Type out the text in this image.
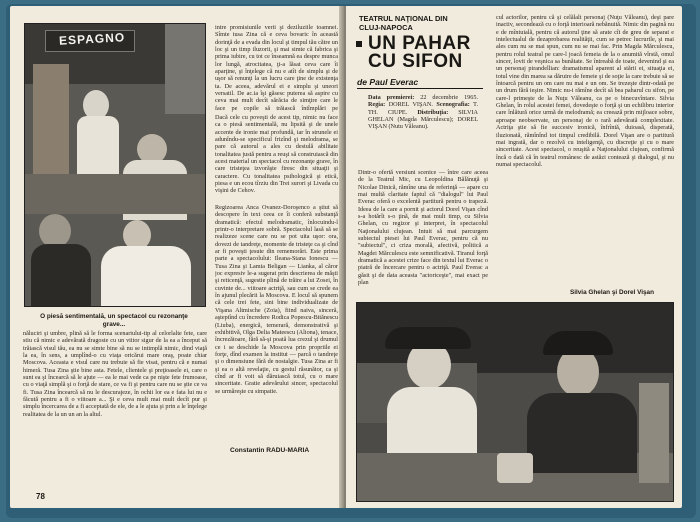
ESPAGNO
O piesă sentimentală, un spectacol cu rezonanţe grave...
intre promisiunile verii şi deziluziile toamnei. Sîmte tusa Zina că e ceva bovaric în această dorinţă de a evada din locul şi timpul tău către un loc şi un timp iluzorii, şi mai simte că fabrica şi prima iubire, cu tot ce înseamnă ea despre munca lor lungă, atrocitatea, ţi-a lăsat ceva care îi aparţine, şi înţelege că nu e atît de simplu şi de uşor să renunţi la un lucru care ţine de existenţa ta. De aceea, adevărul ei e simplu şi uneori versatil. De ac.ia îşi găsesc puterea să aspire cu ceva mai mult decît sărăcia de simţire care le face pe copile să trăiască întîmplări pe
Dacă cele cu poveşti de acest tip, nimic nu face ca o piesă sentimentală, nu lipsită şi de unele accente de ironie mai profundă, iar în strunele ei adunîndu-se specificul frizînd şi melodrama, se pare că autorul a ales cu destulă abilitate tonalitatea justă pentru a reuşi să construiască din acest material un spectacol cu rezonanţe grave, în care tristeţea izvorăşte firesc din situaţii şi caractere. Cu tonalitatea psihologică şi etică, piesa e un ecou tîrziu din Trei surori şi Livada cu vişini de Cehov.
Regizoarea Anca Ovanez-Doroşenco a ştiut să descopere în text ceea ce îi conferă substanţă dramatică: efectul melodramatic, înlocuindu-l printr-o interpretare sobră. Spectacolul lasă să se realizeze scene care nu se pot uita uşor: ora, dovezi de tandreţe, momente de tristeţe ca şi cînd ar fi poveşti ţesute din rememorări. Este prima parte a spectacolului: Ileana-Stana Ionescu — Tusa Zina şi Lamia Beligan — Lianka, al căror joc expresiv le-a sugerat prin descrierea de măşti şi reticenţă, sugestie plină de trăire a lui Zosei, în cuvinte de... viitoare actriţă, sau cum se crede ea în ajunul plecării la Moscova. E locul să spunem că cele trei fete, sint bine individualizate de Vişana Altmische (Zoia), fiind naiva, sinceră, aşteptînd cu încredere Rodica Popescu-Bitănescu (Liuba), energică, temerară, demonstrativă şi exhibitivă, Olga Delia Mateescu (Aliona), tenace, încrezătoare, fără să-şi poată lua crezul şi drumul ce i se deschide la Moscova prin propriile ei forţe, dînd examen la institut — parcă o tandreţe şi o dimensiune fără de nostalgie. Tusa Zina ar fi şi ea o altă revelaţie, cu gestul răsunător, ca şi cînd ar fi voit să dăruiască totul, cu o mare sinceritate. Gratie adevărului sincer, spectacolul se urmăreşte cu simpatie.
năluciri şi umbre, plină să le forma scenariului-tip al celorlalte fete, care stiu că nimic e adevărată dragoste cu un viitor sigur de la ea a început să trăiască visul tău, ea nu se simte bine să nu se intimplă nimic, dind viaţă la ea, în sens, a umplînd-o cu viaţa oricărui mare oraş, poate chiar Moscova. Aceasta e visul care nu trebuie să fie visat, pentru că e numai himeră. Tusa Zina ştie bine asta. Fetele, clientele şi preţioasele ei, care o sunt ea şi încearcă să le ajute — ea le mai vede ca pe nişte fete frumoase, cu o viaţă simplă şi o forţă de stare, ce va fi şi pentru care nu se ştie ce va fi. Tusa Zina încearcă să nu le descurajeze, în ochii lor ea e fata lui nu e făcută pentru a fi o viitoare a... Şi e ceva mult mai mult decît pur şi simplu încercarea de a fi acceptată de ele, de a le ajuta şi prin a le înţelege realitatea de la un un an la altul.
Constantin RADU-MARIA
78
TEATRUL NAŢIONAL DIN CLUJ-NAPOCA
UN PAHAR
CU SIFON
de Paul Everac
Data premierei: 22 decembrie 1965. Regia: DOREL VIŞAN. Scenografia: T. TH. CIUPE. Distribuţia: SILVIA GHELAN (Magda Mărculescu); DOREL VIŞAN (Nutu Văleanu).
Dintr-o ofertă versiuni scenice — între care aceea de la Teatrul Mic, cu Leopoldina Bălănuţă şi Nicolae Dinică, rămîne una de referinţă — apare cu mai multă claritate faptul că "dialogul" lui Paul Everac oferă o excelentă partitură pentru o trapeză. Ideea de la care a pornit şi actorul Dorel Vişan cînd s-a hotărît s-o ţină, de mai mult timp, cu Silvia Ghelan, cu regizor şi interpret, în spectacolul Naţionalului clujean. Intuit să mai parcurgem subiectul piesei lui Paul Everac, pentru că nu "subiectul", ci criza morală, afectivă, politică a Magdei Mărculescu este semnificativă. Tiranul forţă dramatică a acestei crize face din textul lui Everac o piatră de încercare pentru o actriţă. Paul Everac a găsit şi de data aceasta "actoriceşte", mai exact pe plan
cul actorilor, pentru că şi celălalt personaj (Nuţu Văleanu), deşi pare inactiv, secondează cu o forţă interioară nebănuită. Nimic din pagină nu e de mîntuială, pentru că autorul ţine să arate cît de greu de separat e intelectualul de dezaprobarea realităţii, cum se petrec lucrurile, şi mai ales cum nu se mai spun, cum nu se mai fac. Prin Magda Mărculescu, pentru rolul teatral pe care-l joacă femeia de la o anumită vîrstă, omul sincer, lovit de veşnica sa bunătate. Se întreabă de toate, devenind şi ea un personaj pirandellian: dramatismul aparent al stării ei, situaţia ei, totul vine din marea sa dăruire de femeie şi de soţie la care trebuie să se întoarcă pentru un om care nu mai e un om. Se trezeşte dintr-odată pe un drum fără ieşire. Nimic nu-i rămîne decît să bea paharul cu sifon, pe care-l primeşte de la Nuţu Văleanu, ca pe o binecuvîntare. Silvia Ghelan, în rolul acestei femei, dovedeşte o forţă şi un echilibru interior care înlătură orice urmă de melodramă; ea creează prin mijloace sobre, aproape neobservate, un personaj de o rară adevărată complexitate. Actriţa ştie să fie succesiv ironică, înfrîntă, duioasă, disperată, iluzionată, rămînînd tot timpul credibilă. Dorel Vişan are o partitură mai ingrată, dar o rezolvă cu inteligenţă, cu discreţie şi cu o mare sinceritate. Acest spectacol, o reuşită a Naţionalului clujean, confirmă încă o dată că în teatrul românesc de astăzi contează şi dialogul, şi nu numai spectacolul.
Silvia Ghelan şi Dorel Vişan
